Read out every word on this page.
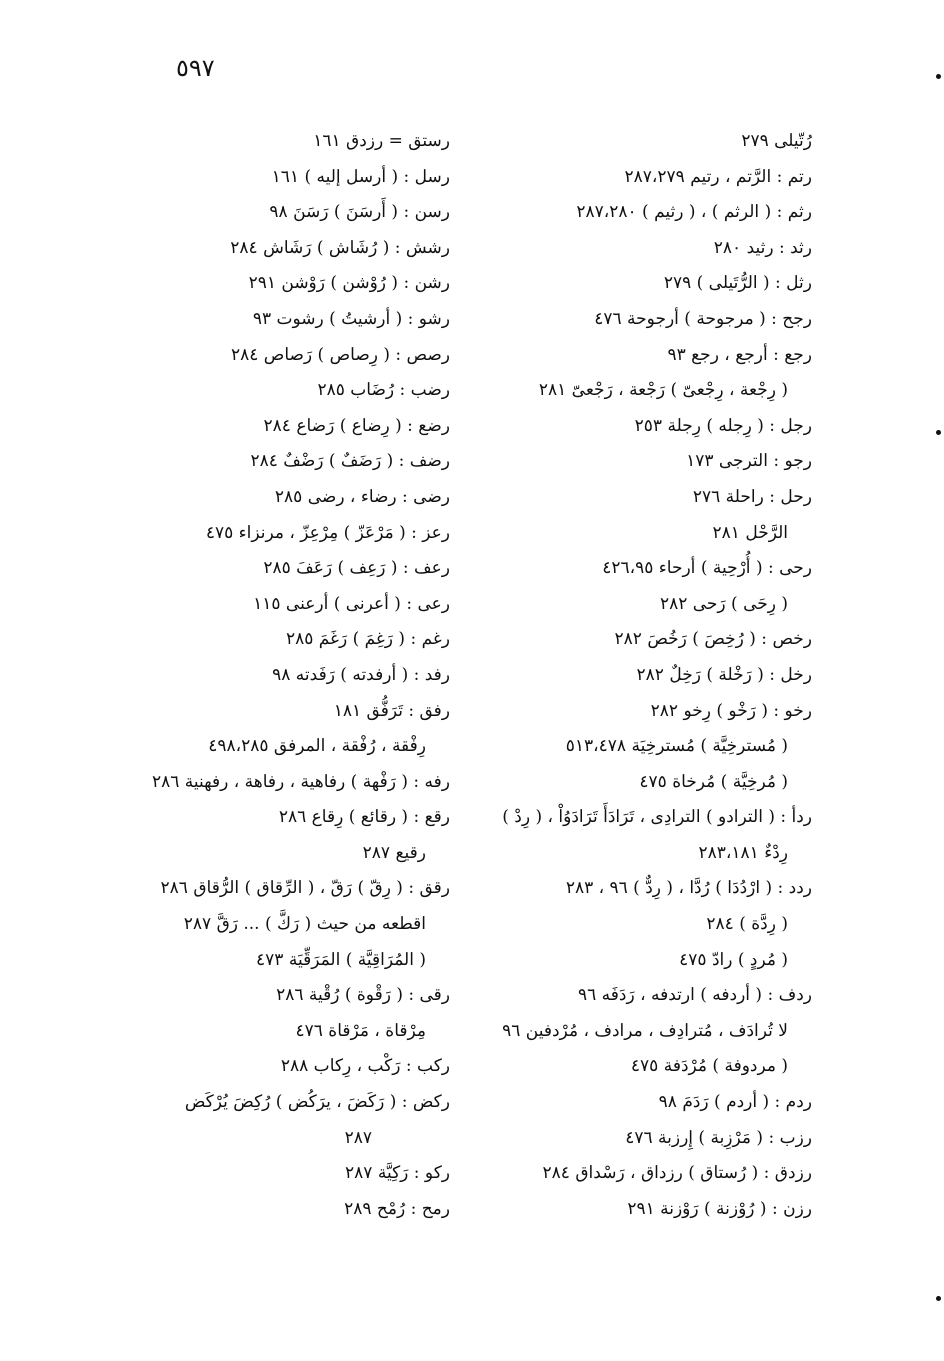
٥٩٧
رُتّيلى ٢٧٩
رتم : الرَّتم ، رتيم ٢٨٧،٢٧٩
رثم : ( الرثم ) ، ( رثيم ) ٢٨٧،٢٨٠
رثد : رثيد ٢٨٠
رثل : ( الرُّتَيلى ) ٢٧٩
رجح : ( مرجوحة ) أرجوحة ٤٧٦
رجع : أرجع ، رجع ٩٣
( رِجْعة ، رِجْعىّ ) رَجْعة ، رَجْعىّ ٢٨١
رجل : ( رِجله ) رِجلة ٢٥٣
رجو : الترجى ١٧٣
رحل : راحلة ٢٧٦
الرَّحْل ٢٨١
رحى : ( أُرْحِية ) أرحاء ٤٢٦،٩٥
( رِحَى ) رَحى ٢٨٢
رخص : ( رُخِصَ ) رَخُصَ ٢٨٢
رخل : ( رَخْلة ) رَخِلٌ ٢٨٢
رخو : ( رَخْو ) رِخو ٢٨٢
( مُسترخِيَّة ) مُسترخِيَة ٥١٣،٤٧٨
( مُرخِيَّة ) مُرخاة ٤٧٥
ردأ : ( الترادو ) الترادِى ، تَرَادَأَ تَرَادَوُاْ ، ( رِدْ )
رِدْءٌ ٢٨٣،١٨١
ردد : ( ارْدُدَا ) رُدَّا ، ( رِدٌّ ) ٩٦ ، ٢٨٣
( رِدَّة ) ٢٨٤
( مُردٍ ) رادّ ٤٧٥
ردف : ( أردفه ) ارتدفه ، رَدَفَه ٩٦
لا تُرادَف ، مُترادِف ، مرادف ، مُرْدفين ٩٦
( مردوفة ) مُرْدَفة ٤٧٥
ردم : ( أردم ) رَدَمَ ٩٨
رزب : ( مَرْزِبة ) إِرزبة ٤٧٦
رزدق : ( رُستاق ) رزداق ، رَسْداق ٢٨٤
رزن : ( رُوْزنة ) رَوْزنة ٢٩١
رستق = رزدق ١٦١
رسل : ( أرسل إليه ) ١٦١
رسن : ( أَرسَنَ ) رَسَنَ ٩٨
رشش : ( رُشَاش ) رَشَاش ٢٨٤
رشن : ( رُوْشن ) رَوْشن ٢٩١
رشو : ( أرشيتُ ) رشوت ٩٣
رصص : ( رِصاص ) رَصاص ٢٨٤
رضب : رُضَاب ٢٨٥
رضع : ( رِضاع ) رَضاع ٢٨٤
رضف : ( رَضَفٌ ) رَضْفٌ ٢٨٤
رضى : رضاء ، رضى ٢٨٥
رعز : ( مَرْعَزّ ) مِرْعِزّ ، مرنزاء ٤٧٥
رعف : ( رَعِف ) رَعَفَ ٢٨٥
رعى : ( أعرنى ) أرعنى ١١٥
رغم : ( رَغِمَ ) رَغَمَ ٢٨٥
رفد : ( أرفدته ) رَفَدته ٩٨
رفق : تَرَفُّق ١٨١
رِفْقة ، رُفْقة ، المرفق ٤٩٨،٢٨٥
رفه : ( رَفْهة ) رفاهية ، رفاهة ، رفهنية ٢٨٦
رقع : ( رقائع ) رِقاع ٢٨٦
رقيع ٢٨٧
رقق : ( رِقّ ) رَقّ ، ( الرِّقاق ) الرُّقاق ٢٨٦
اقطعه من حيث ( رَكَّ ) ... رَقَّ ٢٨٧
( المُرَاقِيَّة ) المَرَقِّيَة ٤٧٣
رقى : ( رَقْوة ) رُقْية ٢٨٦
مِرْقاة ، مَرْقاة ٤٧٦
ركب : رَكْب ، رِكاب ٢٨٨
ركض : ( رَكَضَ ، يرَكُض ) رُكِضَ يُرْكَض
٢٨٧
ركو : رَكِيَّة ٢٨٧
رمح : رُمْح ٢٨٩
